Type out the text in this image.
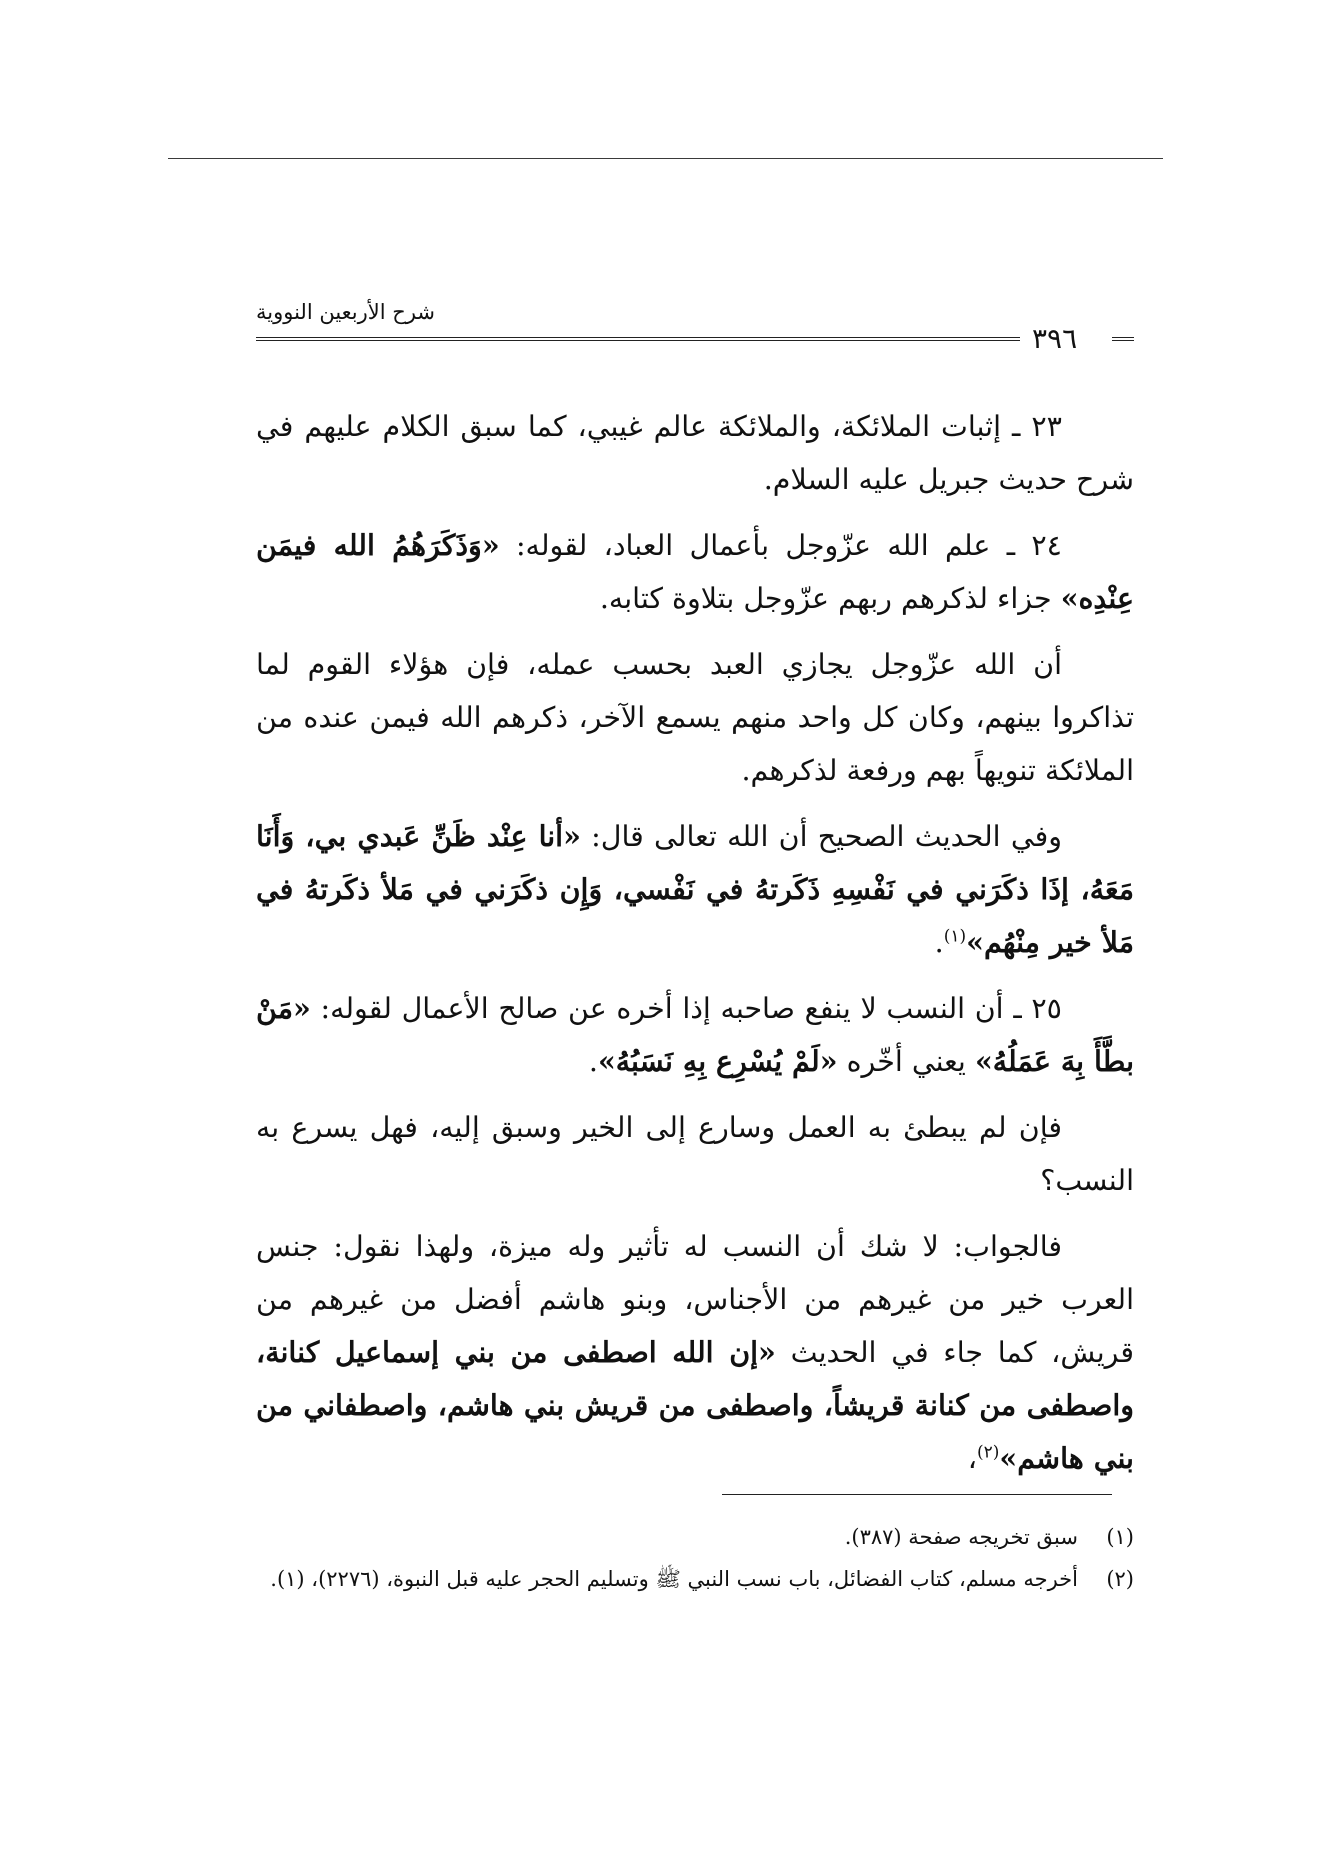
شرح الأربعين النووية
٣٩٦

٢٣ ـ إثبات الملائكة، والملائكة عالم غيبي، كما سبق الكلام عليهم في شرح حديث جبريل عليه السلام.

٢٤ ـ علم الله عزّوجل بأعمال العباد، لقوله: «وَذَكَرَهُمُ الله فيمَن عِنْدِه» جزاء لذكرهم ربهم عزّوجل بتلاوة كتابه.

أن الله عزّوجل يجازي العبد بحسب عمله، فإن هؤلاء القوم لما تذاكروا بينهم، وكان كل واحد منهم يسمع الآخر، ذكرهم الله فيمن عنده من الملائكة تنويهاً بهم ورفعة لذكرهم.

وفي الحديث الصحيح أن الله تعالى قال: «أنا عِنْد ظَنِّ عَبدي بي، وَأَنَا مَعَهُ، إذَا ذكَرَني في نَفْسِهِ ذَكَرتهُ في نَفْسي، وَإِن ذكَرَني في مَلأ ذكَرتهُ في مَلأ خير مِنْهُم»$^{(١)}$.

٢٥ ـ أن النسب لا ينفع صاحبه إذا أخره عن صالح الأعمال لقوله: «مَنْ بطَّأَ بِهَ عَمَلُهُ» يعني أخّره «لَمْ يُسْرِع بِهِ نَسَبُهُ».

فإن لم يبطئ به العمل وسارع إلى الخير وسبق إليه، فهل يسرع به النسب؟

فالجواب: لا شك أن النسب له تأثير وله ميزة، ولهذا نقول: جنس العرب خير من غيرهم من الأجناس، وبنو هاشم أفضل من غيرهم من قريش، كما جاء في الحديث «إن الله اصطفى من بني إسماعيل كنانة، واصطفى من كنانة قريشاً، واصطفى من قريش بني هاشم، واصطفاني من بني هاشم»$^{(٢)}$،

(١)
سبق تخريجه صفحة (٣٨٧).
(٢)
أخرجه مسلم، كتاب الفضائل، باب نسب النبي ﷺ وتسليم الحجر عليه قبل النبوة، (٢٢٧٦)، (١).
